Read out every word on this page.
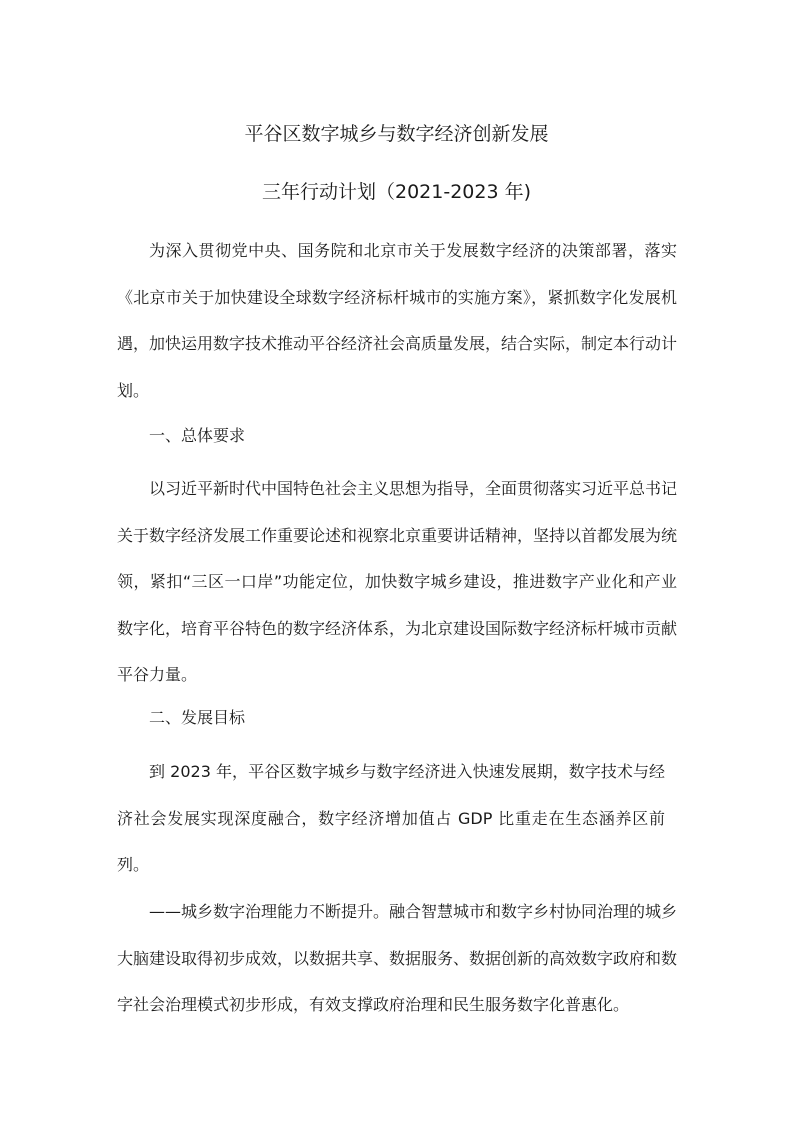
平谷区数字城乡与数字经济创新发展
三年行动计划（2021-2023 年)

为深入贯彻党中央、国务院和北京市关于发展数字经济的决策部署，落实《北京市关于加快建设全球数字经济标杆城市的实施方案》，紧抓数字化发展机遇，加快运用数字技术推动平谷经济社会高质量发展，结合实际，制定本行动计划。

一、总体要求

以习近平新时代中国特色社会主义思想为指导，全面贯彻落实习近平总书记关于数字经济发展工作重要论述和视察北京重要讲话精神，坚持以首都发展为统领，紧扣“三区一口岸”功能定位，加快数字城乡建设，推进数字产业化和产业数字化，培育平谷特色的数字经济体系，为北京建设国际数字经济标杆城市贡献平谷力量。

二、发展目标

到 2023 年，平谷区数字城乡与数字经济进入快速发展期，数字技术与经济社会发展实现深度融合，数字经济增加值占 GDP 比重走在生态涵养区前列。

——城乡数字治理能力不断提升。融合智慧城市和数字乡村协同治理的城乡大脑建设取得初步成效，以数据共享、数据服务、数据创新的高效数字政府和数字社会治理模式初步形成，有效支撑政府治理和民生服务数字化普惠化。
